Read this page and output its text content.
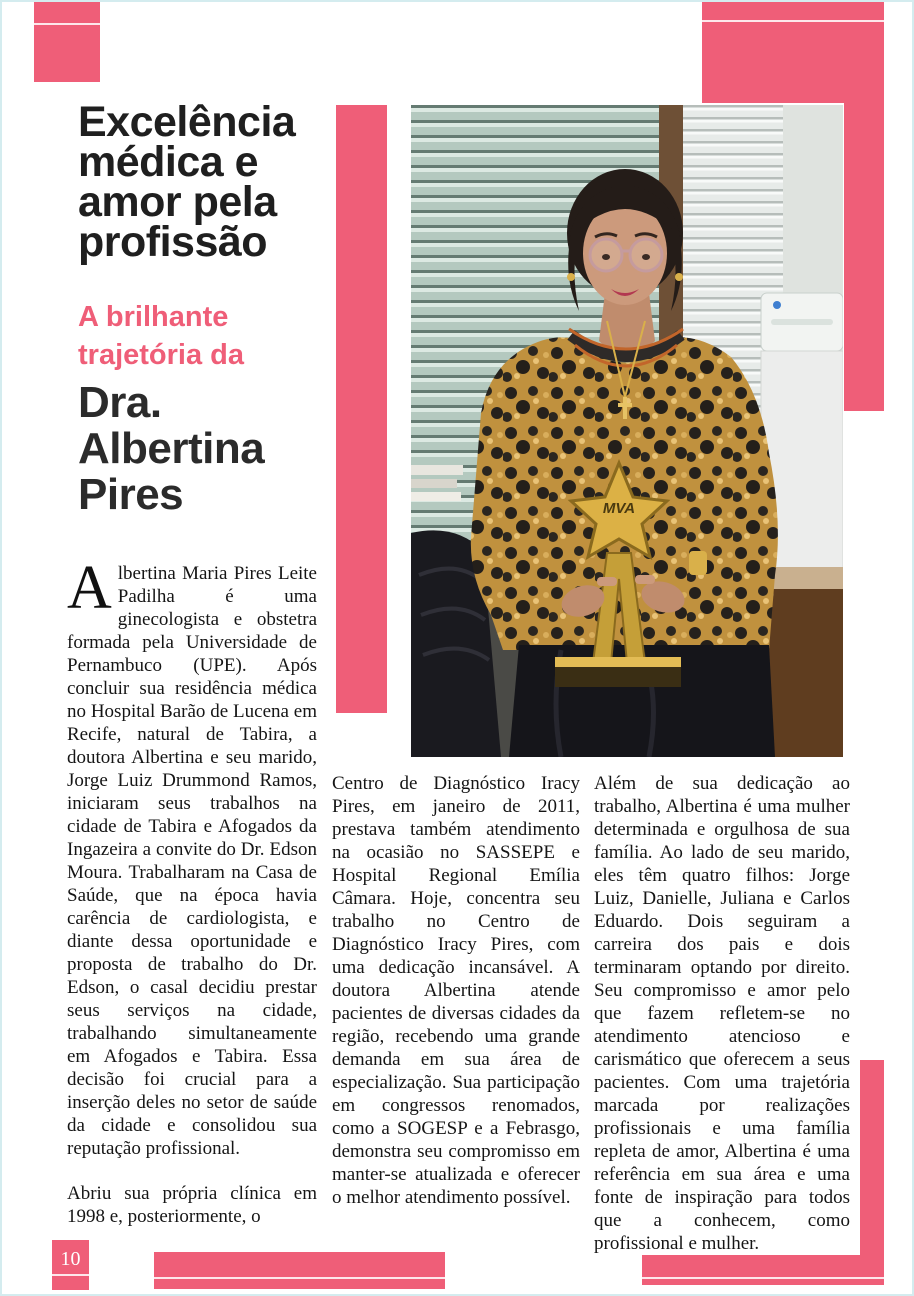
10
Excelência
médica e
amor pela
profissão
A brilhante
trajetória da
Dra.
Albertina
Pires	MVA

Albertina Maria Pires Leite Padilha é uma ginecologista e obstetra formada pela Universidade de Pernambuco (UPE). Após concluir sua residência médica no Hospital Barão de Lucena em Recife, natural de Tabira, a doutora Albertina e seu marido, Jorge Luiz Drummond Ramos, iniciaram seus trabalhos na cidade de Tabira e Afogados da Ingazeira a convite do Dr. Edson Moura. Trabalharam na Casa de Saúde, que na época havia carência de cardiologista, e diante dessa oportunidade e proposta de trabalho do Dr. Edson, o casal decidiu prestar seus serviços na cidade, trabalhando simultaneamente em Afogados e Tabira. Essa decisão foi crucial para a inserção deles no setor de saúde da cidade e consolidou sua reputação profissional.

Abriu sua própria clínica em 1998 e, posteriormente, o

Centro de Diagnóstico Iracy Pires, em janeiro de 2011, prestava também atendimento na ocasião no SASSEPE e Hospital Regional Emília Câmara. Hoje, concentra seu trabalho no Centro de Diagnóstico Iracy Pires, com uma dedicação incansável. A doutora Albertina atende pacientes de diversas cidades da região, recebendo uma grande demanda em sua área de especialização. Sua participação em congressos renomados, como a SOGESP e a Febrasgo, demonstra seu compromisso em manter-se atualizada e oferecer o melhor atendimento possível.

Além de sua dedicação ao trabalho, Albertina é uma mulher determinada e orgulhosa de sua família. Ao lado de seu marido, eles têm quatro filhos: Jorge Luiz, Danielle, Juliana e Carlos Eduardo. Dois seguiram a carreira dos pais e dois terminaram optando por direito. Seu compromisso e amor pelo que fazem refletem-se no atendimento atencioso e carismático que oferecem a seus pacientes. Com uma trajetória marcada por realizações profissionais e uma família repleta de amor, Albertina é uma referência em sua área e uma fonte de inspiração para todos que a conhecem, como profissional e mulher.
